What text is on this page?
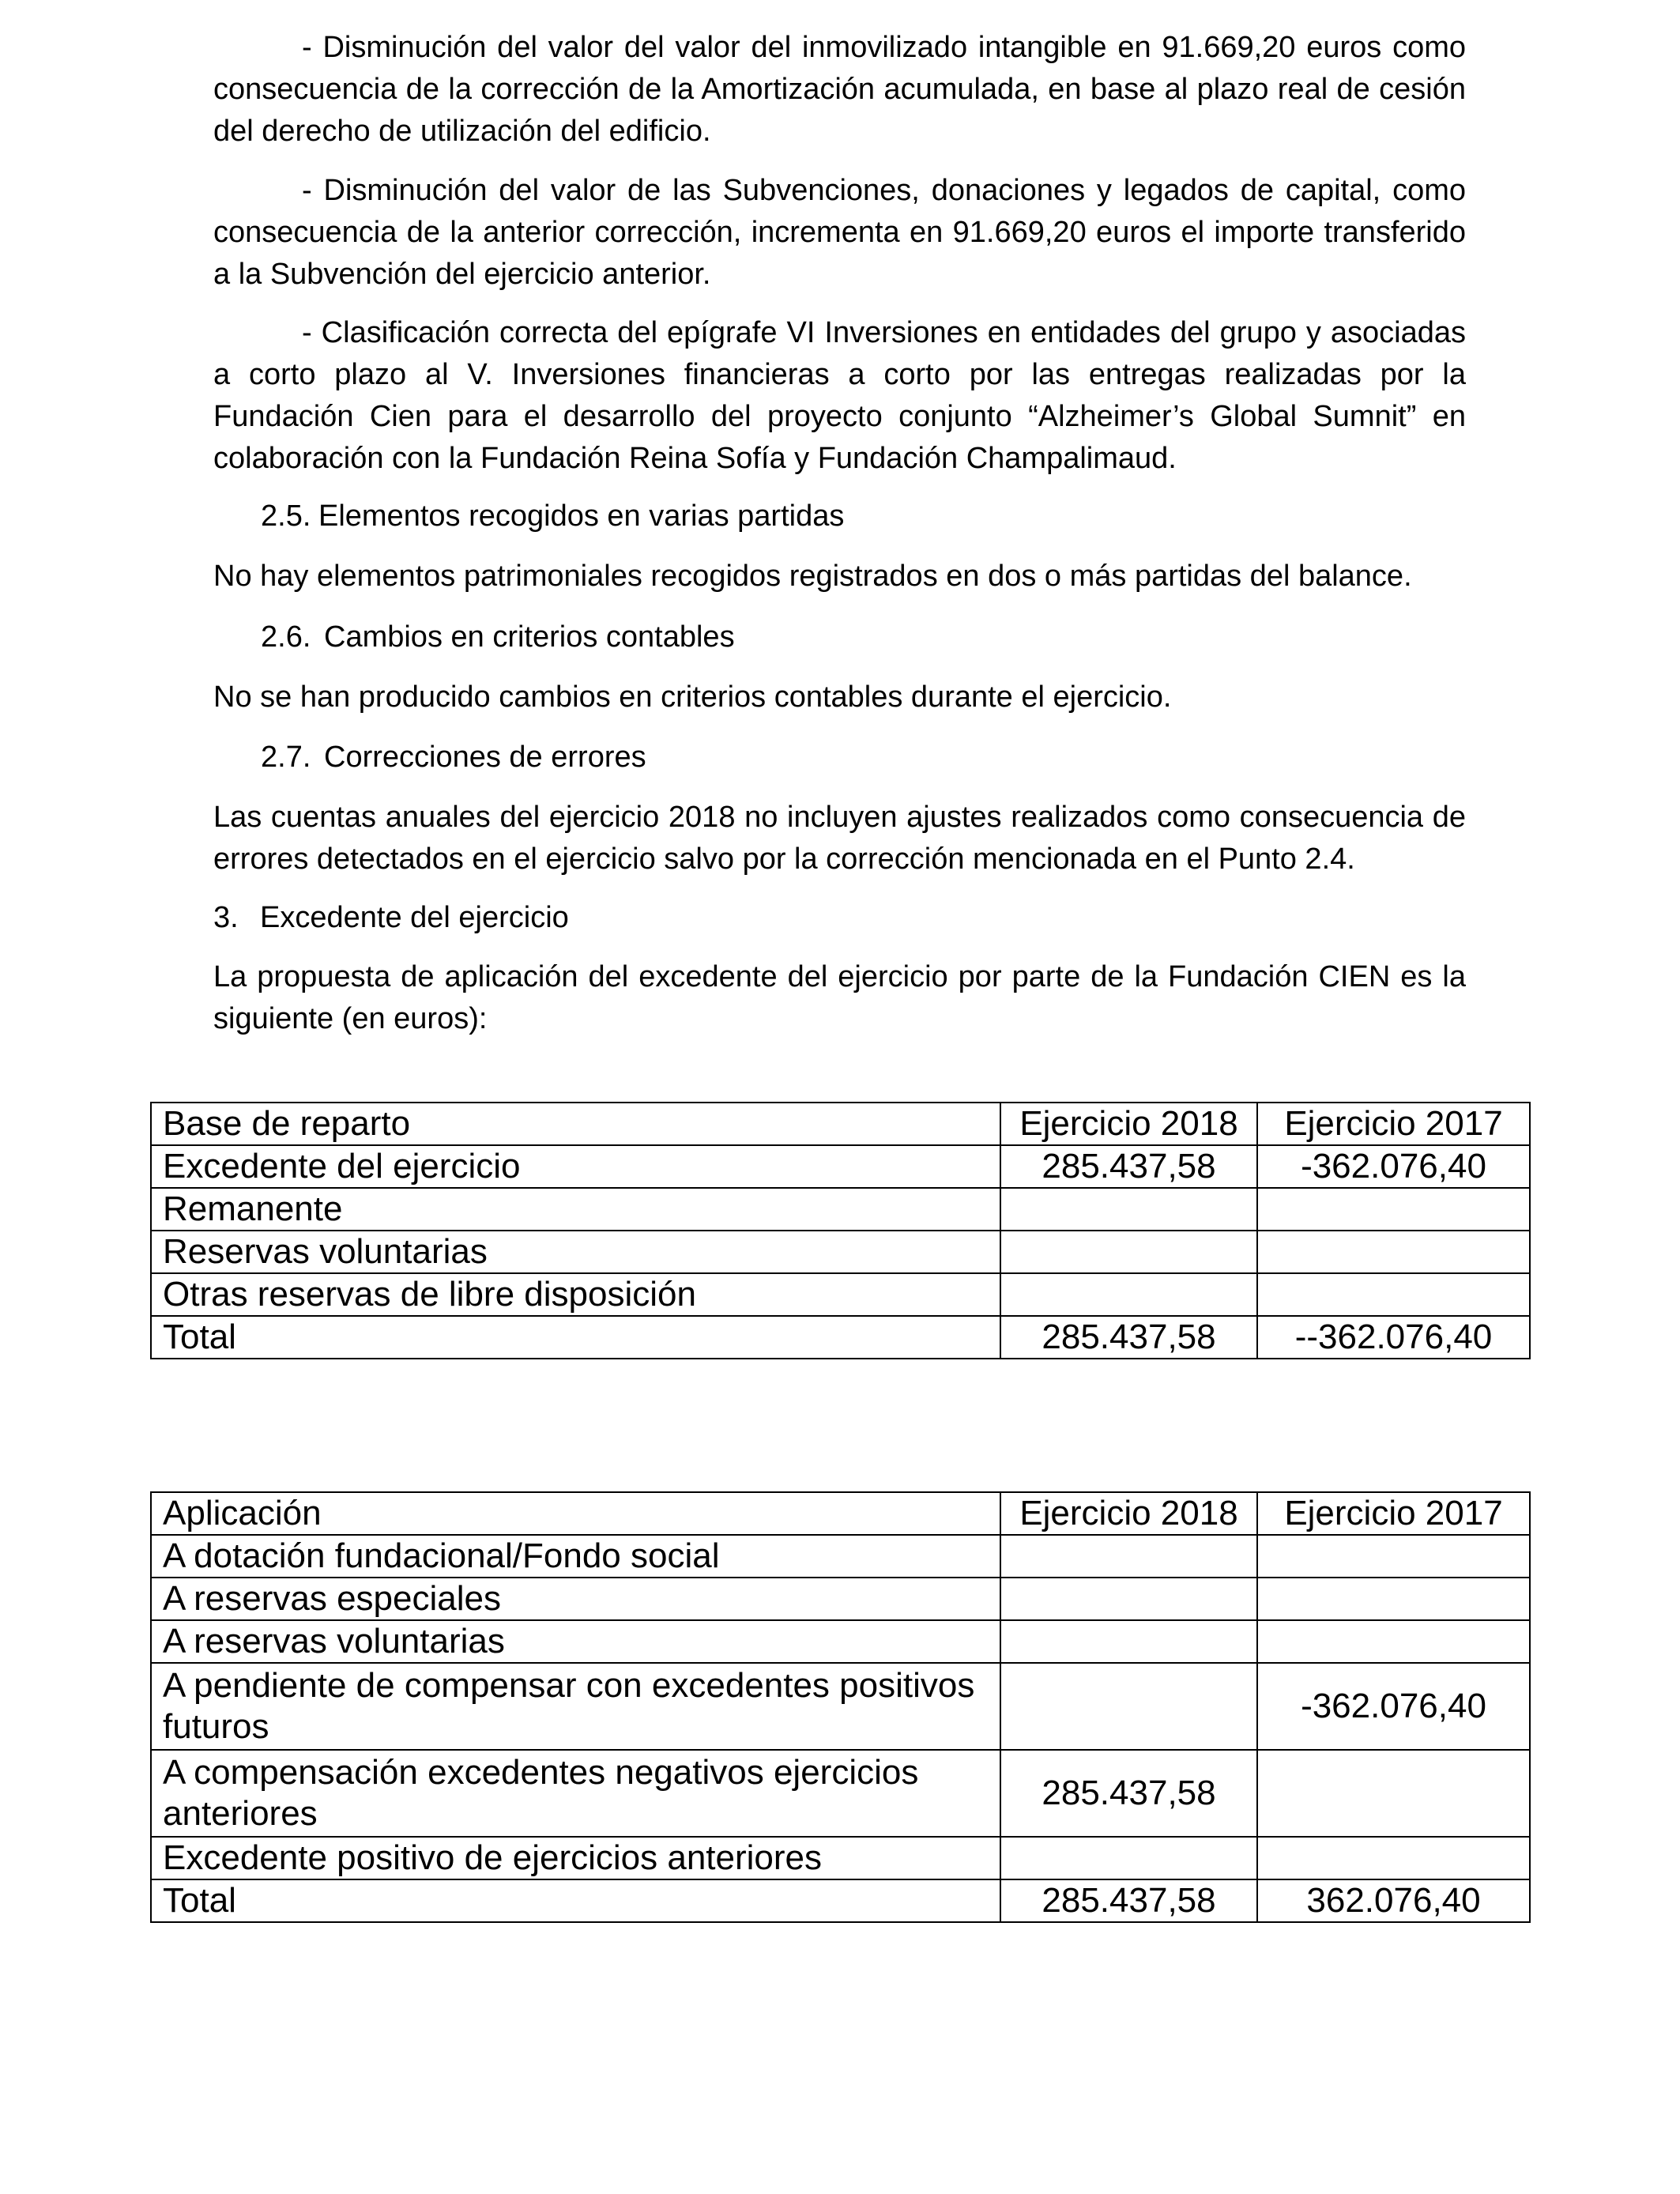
- Disminución del valor del valor del inmovilizado intangible en 91.669,20 euros como consecuencia de la corrección de la Amortización acumulada, en base al plazo real de cesión del derecho de utilización del edificio.

- Disminución del valor de las Subvenciones, donaciones y legados de capital, como consecuencia de la anterior corrección, incrementa en 91.669,20 euros el importe transferido a la Subvención del ejercicio anterior.

- Clasificación correcta del epígrafe VI Inversiones en entidades del grupo y asociadas a corto plazo al V. Inversiones financieras a corto por las entregas realizadas por la Fundación Cien para el desarrollo del proyecto conjunto “Alzheimer’s Global Sumnit” en colaboración con la Fundación Reina Sofía y Fundación Champalimaud.

2.5. Elementos recogidos en varias partidas

No hay elementos patrimoniales recogidos registrados en dos o más partidas del balance.

2.6. Cambios en criterios contables

No se han producido cambios en criterios contables durante el ejercicio.

2.7. Correcciones de errores

Las cuentas anuales del ejercicio 2018 no incluyen ajustes realizados como consecuencia de errores detectados en el ejercicio salvo por la corrección mencionada en el Punto 2.4.

3. Excedente del ejercicio

La propuesta de aplicación del excedente del ejercicio por parte de la Fundación CIEN es la siguiente (en euros):

Base de reparto	Ejercicio 2018	Ejercicio 2017
Excedente del ejercicio	285.437,58	-362.076,40
Remanente		
Reservas voluntarias		
Otras reservas de libre disposición		
Total	285.437,58	--362.076,40
Aplicación	Ejercicio 2018	Ejercicio 2017
A dotación fundacional/Fondo social		
A reservas especiales		
A reservas voluntarias		
A pendiente de compensar con excedentes positivos futuros		-362.076,40
A compensación excedentes negativos ejercicios anteriores	285.437,58	
Excedente positivo de ejercicios anteriores		
Total	285.437,58	362.076,40
